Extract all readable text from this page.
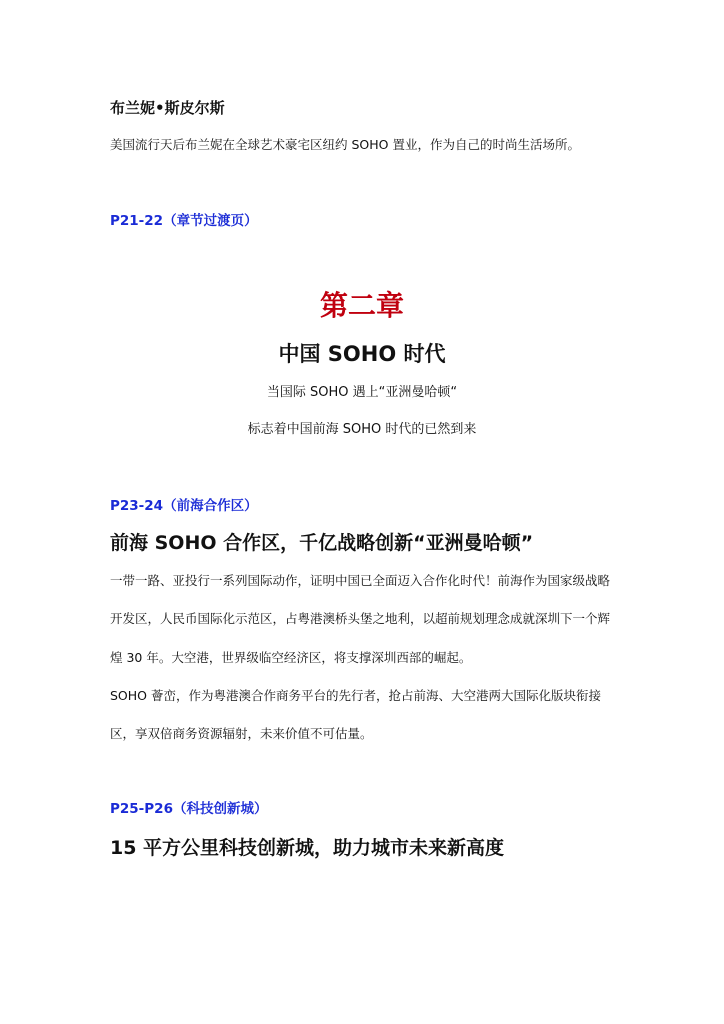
布兰妮•斯皮尔斯

美国流行天后布兰妮在全球艺术豪宅区纽约 SOHO 置业，作为自己的时尚生活场所。

P21-22（章节过渡页）

第二章
中国 SOHO 时代

当国际 SOHO 遇上“亚洲曼哈顿“

标志着中国前海 SOHO 时代的已然到来

P23-24（前海合作区）

前海 SOHO 合作区，千亿战略创新“亚洲曼哈顿”

一带一路、亚投行一系列国际动作，证明中国已全面迈入合作化时代！前海作为国家级战略

开发区，人民币国际化示范区，占粤港澳桥头堡之地利，以超前规划理念成就深圳下一个辉

煌 30 年。大空港，世界级临空经济区，将支撑深圳西部的崛起。

SOHO 薈峦，作为粤港澳合作商务平台的先行者，抢占前海、大空港两大国际化版块衔接

区，享双倍商务资源辐射，未来价值不可估量。

P25-P26（科技创新城）

15 平方公里科技创新城，助力城市未来新高度
